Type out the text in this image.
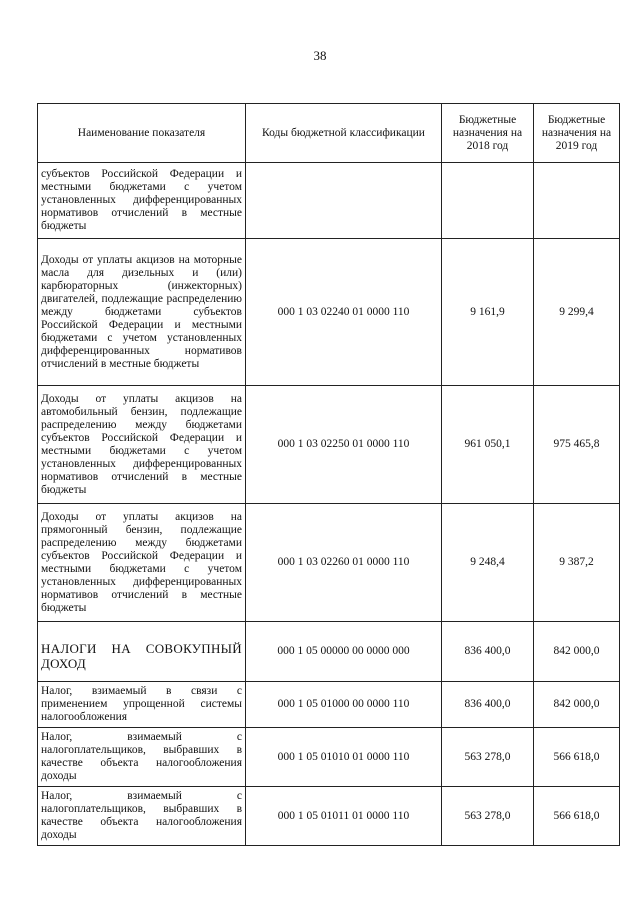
38
Наименование показателя	Коды бюджетной классификации	Бюджетные назначения на 2018 год	Бюджетные назначения на 2019 год
субъектов Российской Федерации и местными бюджетами с учетом установленных дифференцированных нормативов отчислений в местные бюджеты			
Доходы от уплаты акцизов на моторные масла для дизельных и (или) карбюраторных (инжекторных) двигателей, подлежащие распределению между бюджетами субъектов Российской Федерации и местными бюджетами с учетом установленных дифференцированных нормативов отчислений в местные бюджеты	000 1 03 02240 01 0000 110	9 161,9	9 299,4
Доходы от уплаты акцизов на автомобильный бензин, подлежащие распределению между бюджетами субъектов Российской Федерации и местными бюджетами с учетом установленных дифференцированных нормативов отчислений в местные бюджеты	000 1 03 02250 01 0000 110	961 050,1	975 465,8
Доходы от уплаты акцизов на прямогонный бензин, подлежащие распределению между бюджетами субъектов Российской Федерации и местными бюджетами с учетом установленных дифференцированных нормативов отчислений в местные бюджеты	000 1 03 02260 01 0000 110	9 248,4	9 387,2
НАЛОГИ НА СОВОКУПНЫЙ ДОХОД	000 1 05 00000 00 0000 000	836 400,0	842 000,0
Налог, взимаемый в связи с применением упрощенной системы налогообложения	000 1 05 01000 00 0000 110	836 400,0	842 000,0
Налог, взимаемый с налогоплательщиков, выбравших в качестве объекта налогообложения доходы	000 1 05 01010 01 0000 110	563 278,0	566 618,0
Налог, взимаемый с налогоплательщиков, выбравших в качестве объекта налогообложения доходы	000 1 05 01011 01 0000 110	563 278,0	566 618,0
